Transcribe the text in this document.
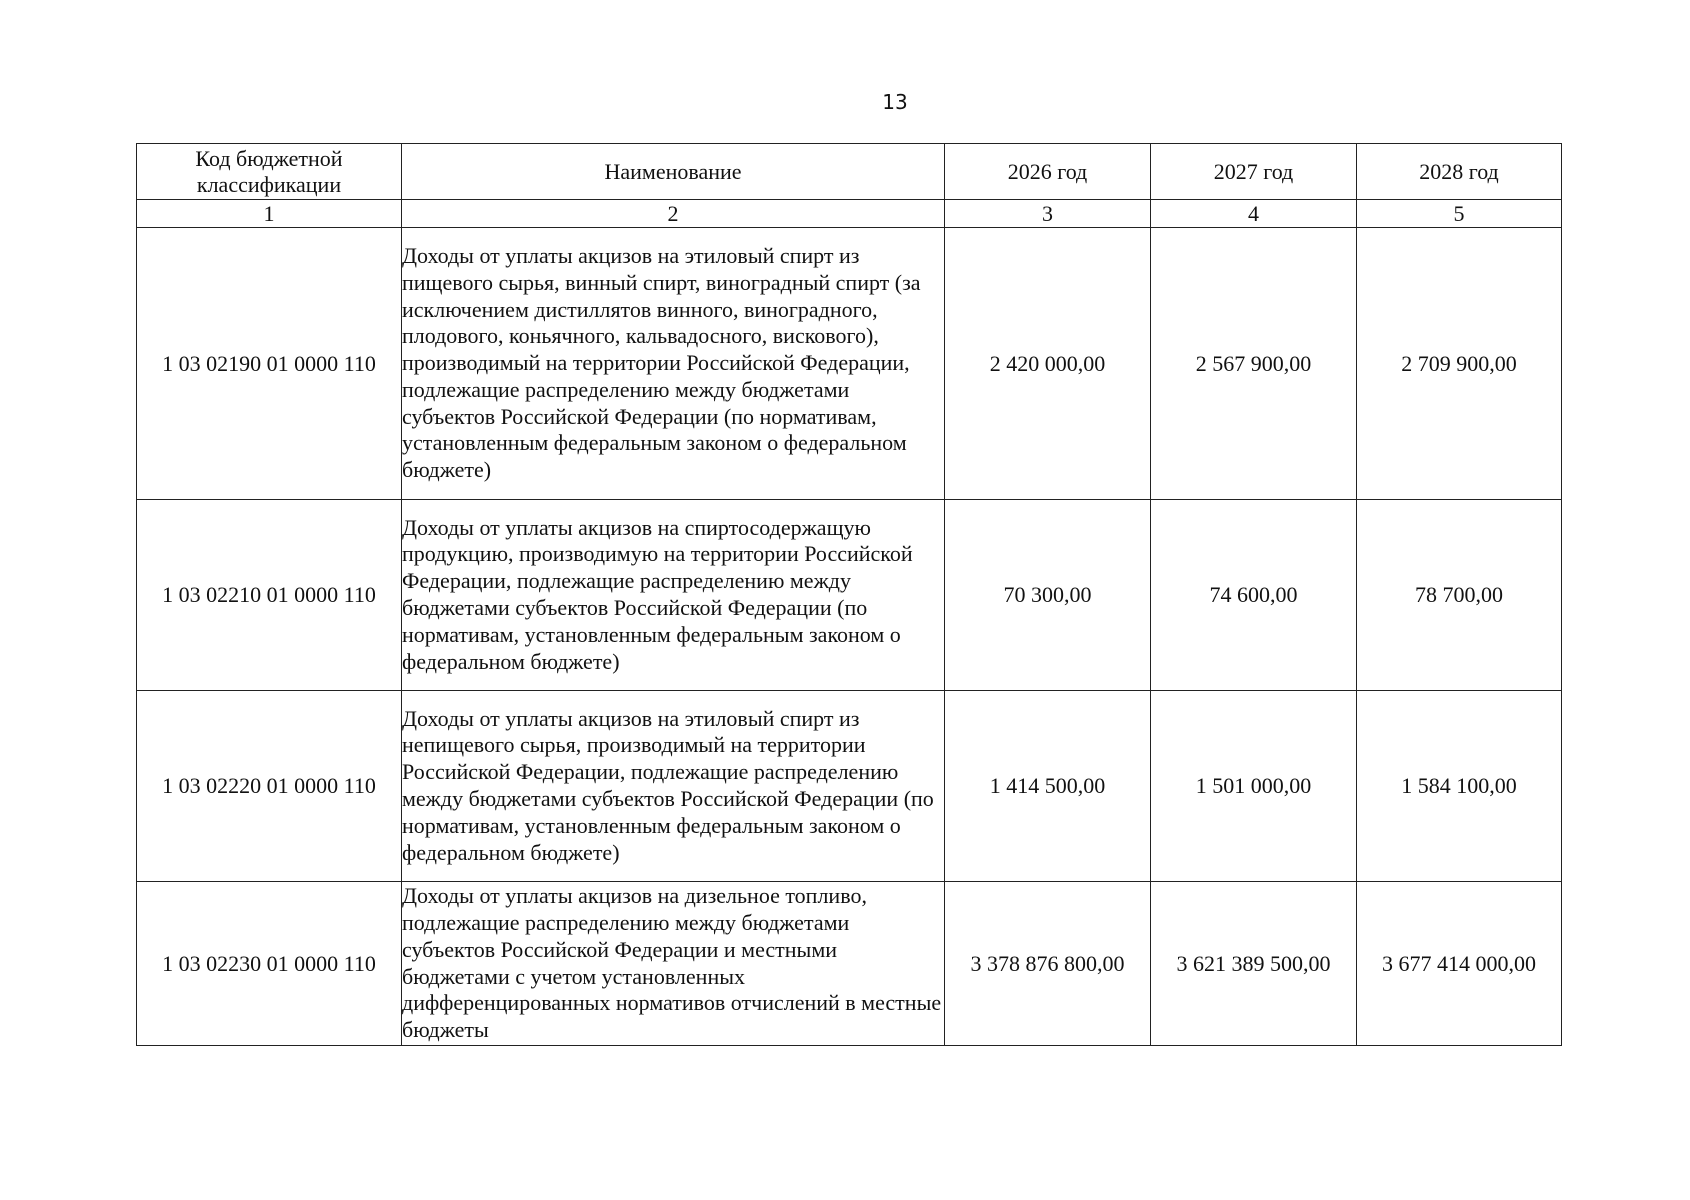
13
Код бюджетной классификации	Наименование	2026 год	2027 год	2028 год
1	2	3	4	5
1 03 02190 01 0000 110	Доходы от уплаты акцизов на этиловый спирт из пищевого сырья, винный спирт, виноградный спирт (за исключением дистиллятов винного, виноградного, плодового, коньячного, кальвадосного, вискового), производимый на территории Российской Федерации, подлежащие распределению между бюджетами субъектов Российской Федерации (по нормативам, установленным федеральным законом о федеральном бюджете)	2 420 000,00	2 567 900,00	2 709 900,00
1 03 02210 01 0000 110	Доходы от уплаты акцизов на спиртосодержащую продукцию, производимую на территории Российской Федерации, подлежащие распределению между бюджетами субъектов Российской Федерации (по нормативам, установленным федеральным законом о федеральном бюджете)	70 300,00	74 600,00	78 700,00
1 03 02220 01 0000 110	Доходы от уплаты акцизов на этиловый спирт из непищевого сырья, производимый на территории Российской Федерации, подлежащие распределению между бюджетами субъектов Российской Федерации (по нормативам, установленным федеральным законом о федеральном бюджете)	1 414 500,00	1 501 000,00	1 584 100,00
1 03 02230 01 0000 110	Доходы от уплаты акцизов на дизельное топливо, подлежащие распределению между бюджетами субъектов Российской Федерации и местными бюджетами с учетом установленных дифференцированных нормативов отчислений в местные бюджеты	3 378 876 800,00	3 621 389 500,00	3 677 414 000,00
